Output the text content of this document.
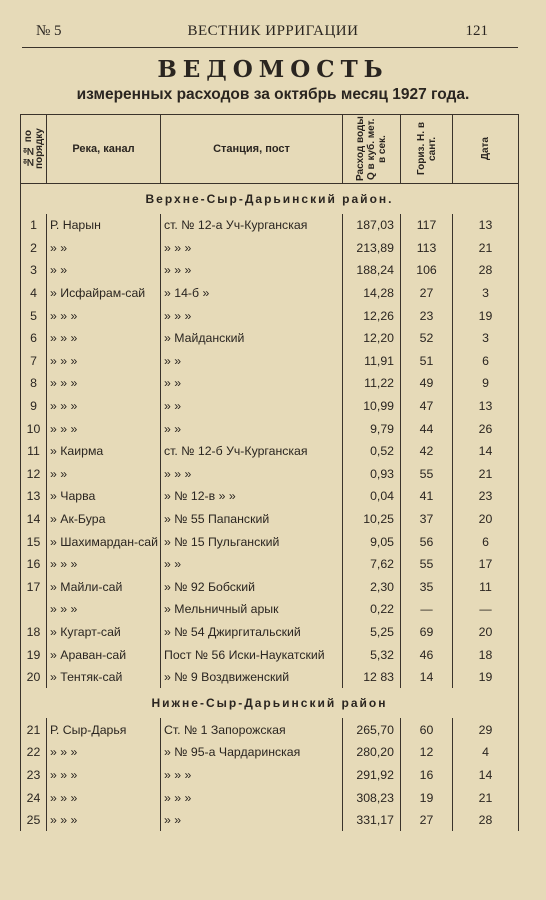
№ 5	ВЕСТНИК ИРРИГАЦИИ	121
ВЕДОМОСТЬ
измеренных расходов за октябрь месяц 1927 года.
№№ по порядку	Река, канал	Станция, пост	Расход воды Q в куб. мет. в сек.	Гориз. Н. в сант.	Дата

Верхне-Сыр-Дарьинский район.					
1	Р. Нарын	ст. № 12-а Уч-Курганская	187,03	117	13
2	» »	» » »	213,89	113	21
3	» »	» » »	188,24	106	28
4	» Исфайрам-сай	» 14-б »	14,28	27	3
5	» » »	» » »	12,26	23	19
6	» » »	» Майданский	12,20	52	3
7	» » »	» »	11,91	51	6
8	» » »	» »	11,22	49	9
9	» » »	» »	10,99	47	13
10	» » »	» »	9,79	44	26
11	» Каирма	ст. № 12-б Уч-Курганская	0,52	42	14
12	» »	» » »	0,93	55	21
13	» Чарва	» № 12-в » »	0,04	41	23
14	» Ак-Бура	» № 55 Папанский	10,25	37	20
15	» Шахимардан-сай	» № 15 Пульганский	9,05	56	6
16	» » »	» »	7,62	55	17
17	» Майли-сай	» № 92 Бобский	2,30	35	11
	» » »	» Мельничный арык	0,22	—	—
18	» Кугарт-сай	» № 54 Джиргитальский	5,25	69	20
19	» Араван-сай	Пост № 56 Иски-Наукатский	5,32	46	18
20	» Тентяк-сай	» № 9 Воздвиженский	12 83	14	19
Нижне-Сыр-Дарьинский район					
21	Р. Сыр-Дарья	Ст. № 1 Запорожская	265,70	60	29
22	» » »	» № 95-а Чардаринская	280,20	12	4
23	» » »	» » »	291,92	16	14
24	» » »	» » »	308,23	19	21
25	» » »	» »	331,17	27	28
